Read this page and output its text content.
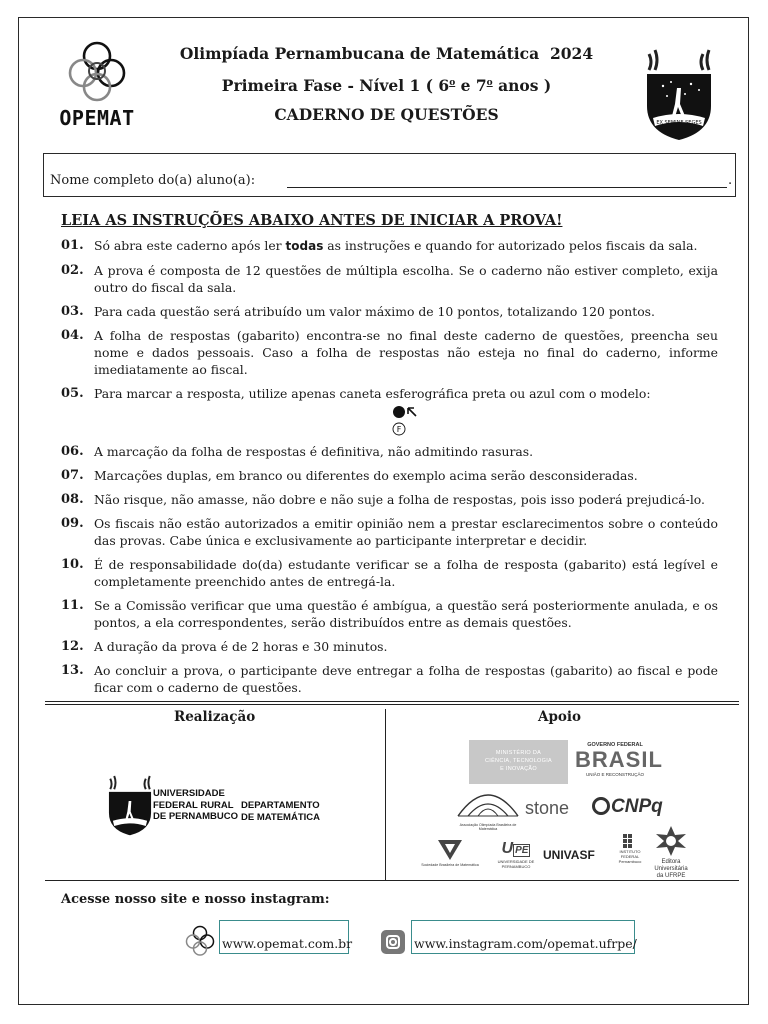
OPEMAT
Olimpíada Pernambucana de Matemática 2024
Primeira Fase - Nível 1 ( 6$^o$ e 7$^o$ anos )
CADERNO DE QUESTÕES	EX SEMINE SEGES
Nome completo do(a) aluno(a):	.
LEIA AS INSTRUÇÕES ABAIXO ANTES DE INICIAR A PROVA!
01. Só abra este caderno após ler todas as instruções e quando for autorizado pelos fiscais da sala.
02. A prova é composta de 12 questões de múltipla escolha. Se o caderno não estiver completo, exija outro do fiscal da sala.
03. Para cada questão será atribuído um valor máximo de 10 pontos, totalizando 120 pontos.
04. A folha de respostas (gabarito) encontra-se no final deste caderno de questões, preencha seu nome e dados pessoais. Caso a folha de respostas não esteja no final do caderno, informe imediatamente ao fiscal.
05. Para marcar a resposta, utilize apenas caneta esferográfica preta ou azul com o modelo:
F
06. A marcação da folha de respostas é definitiva, não admitindo rasuras.
07. Marcações duplas, em branco ou diferentes do exemplo acima serão desconsideradas.
08. Não risque, não amasse, não dobre e não suje a folha de respostas, pois isso poderá prejudicá-lo.
09. Os fiscais não estão autorizados a emitir opinião nem a prestar esclarecimentos sobre o conteúdo das provas. Cabe única e exclusivamente ao participante interpretar e decidir.
10. É de responsabilidade do(da) estudante verificar se a folha de resposta (gabarito) está legível e completamente preenchido antes de entregá-la.
11. Se a Comissão verificar que uma questão é ambígua, a questão será posteriormente anulada, e os pontos, a ela correspondentes, serão distribuídos entre as demais questões.
12. A duração da prova é de 2 horas e 30 minutos.
13. Ao concluir a prova, o participante deve entregar a folha de respostas (gabarito) ao fiscal e pode ficar com o caderno de questões.
Realização
UNIVERSIDADE
FEDERAL RURAL
DE PERNAMBUCO
DEPARTAMENTO
DE MATEMÁTICA
Apoio
MINISTÉRIO DA
CIÊNCIA, TECNOLOGIA
E INOVAÇÃO
GOVERNO FEDERAL
BRASIL
UNIÃO E RECONSTRUÇÃO
Associação Olimpíada Brasileira de Matemática
stone	CNPq
Sociedade Brasileira de Matemática
U PE
UNIVERSIDADE DE PERNAMBUCO
UNIVASF	INSTITUTO
FEDERAL
Pernambuco	Editora
Universitária
da UFRPE
Acesse nosso site e nosso instagram:
www.opemat.com.br	www.instagram.com/opemat.ufrpe/
